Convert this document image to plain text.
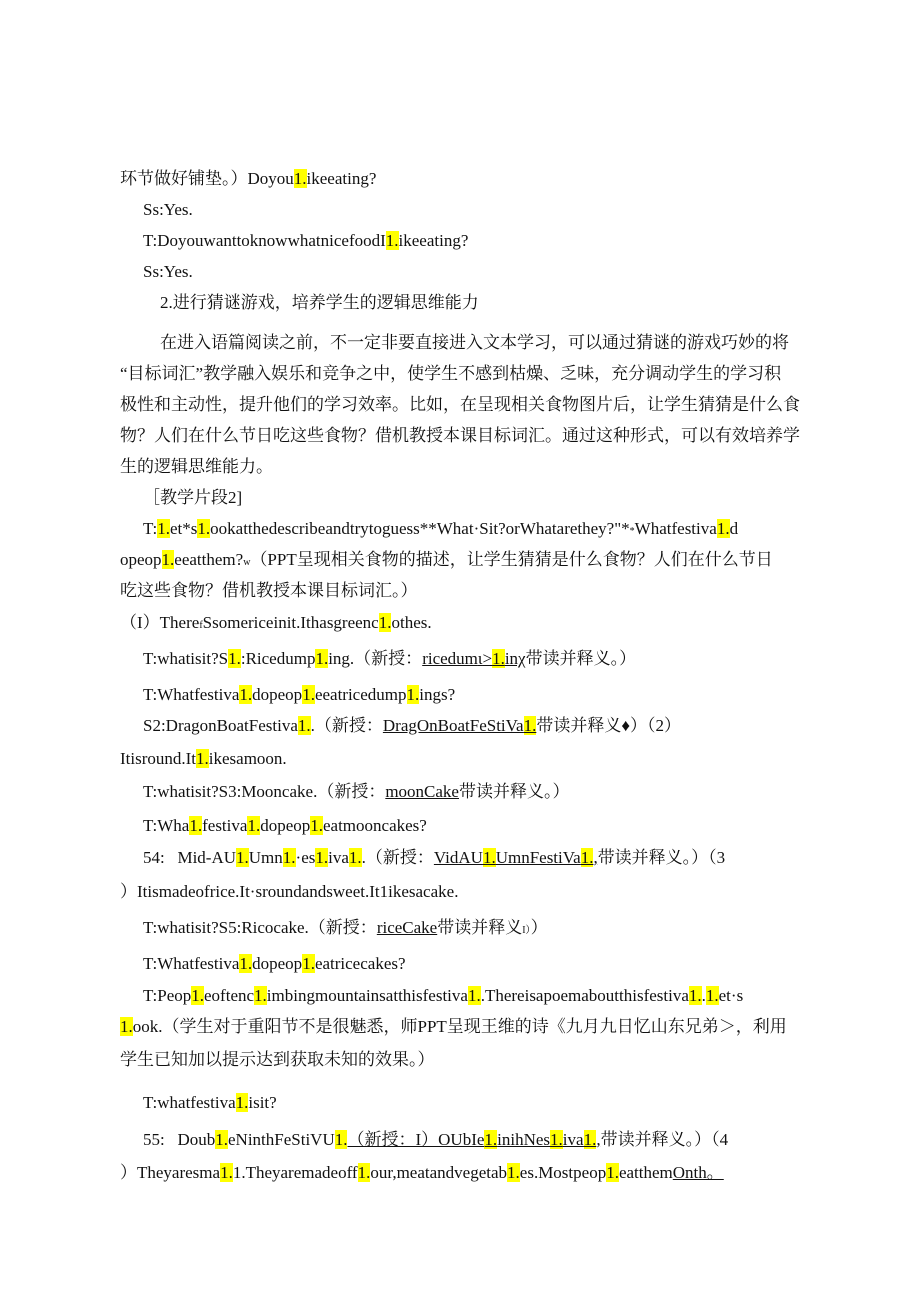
环节做好铺垫。）Doyou1.ikeeating?
Ss:Yes.
T:DoyouwanttoknowwhatnicefoodI1.ikeeating?
Ss:Yes.
2.进行猜谜游戏，培养学生的逻辑思维能力
在进入语篇阅读之前，不一定非要直接进入文本学习，可以通过猜谜的游戏巧妙的将
“目标词汇”教学融入娱乐和竞争之中，使学生不感到枯燥、乏味，充分调动学生的学习积
极性和主动性，提升他们的学习效率。比如，在呈现相关食物图片后，让学生猜猜是什么食
物？人们在什么节日吃这些食物？借机教授本课目标词汇。通过这种形式，可以有效培养学
生的逻辑思维能力。
［教学片段2]
T:1.et*s1.ookatthedescribeandtrytoguess**What·Sit?orWhatarethey?"**Whatfestiva1.d
opeop1.eeatthem?w（PPT呈现相关食物的描述，让学生猜猜是什么食物？人们在什么节日
吃这些食物？借机教授本课目标词汇。）
（I）TherefSsomericeinit.Ithasgreenc1.othes.
T:whatisit?S1.:Ricedump1.ing.（新授：ricedumι>1.inχ带读并释义。）
T:Whatfestiva1.dopeop1.eeatricedump1.ings?
S2:DragonBoatFestiva1..（新授：DragOnBoatFeStiVa1.带读并释义♦）（2）
Itisround.It1.ikesamoon.
T:whatisit?S3:Mooncake.（新授：moonCake带读并释义。）
T:Wha1.festiva1.dopeop1.eatmooncakes?
54:   Mid-AU1.Umn1.·es1.iva1..（新授：VidAU1.UmnFestiVa1.,带读并释义。）（3
）Itismadeofrice.It·sroundandsweet.It1ikesacake.
T:whatisit?S5:Ricocake.（新授：riceCake带读并释义I））
T:Whatfestiva1.dopeop1.eatricecakes?
T:Peop1.eoftenc1.imbingmountainsatthisfestiva1..Thereisapoemaboutthisfestiva1..1.et·s
1.ook.（学生对于重阳节不是很魅悉，师PPT呈现王维的诗《九月九日忆山东兄弟＞，利用
学生已知加以提示达到获取未知的效果。）
T:whatfestiva1.isit?
55:   Doub1.eNinthFeStiVU1.（新授：I）OUbIe1.inihNes1.iva1.,带读并释义。）（4
）Theyaresma1.1.Theyaremadeoff1.our,meatandvegetab1.es.Mostpeop1.eatthemOnth。
